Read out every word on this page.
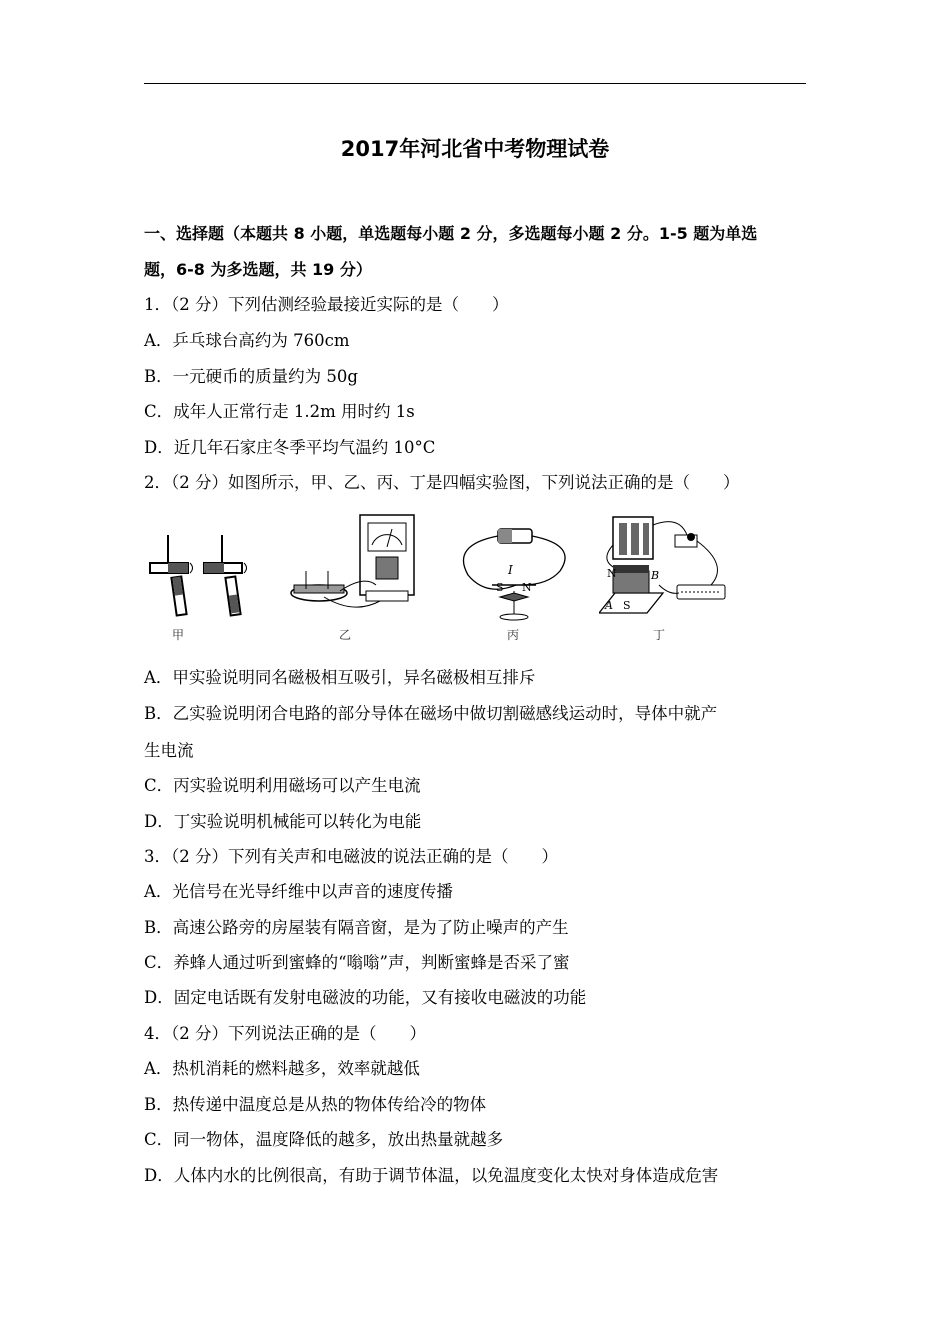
2017年河北省中考物理试卷
一、选择题（本题共 8 小题，单选题每小题 2 分，多选题每小题 2 分。1-5 题为单选
题，6-8 为多选题，共 19 分）
1．（2 分）下列估测经验最接近实际的是（　　）
A．乒乓球台高约为 760cm
B．一元硬币的质量约为 50g
C．成年人正常行走 1.2m 用时约 1s
D．近几年石家庄冬季平均气温约 10°C
2．（2 分）如图所示，甲、乙、丙、丁是四幅实验图，下列说法正确的是（　　）
甲	乙	丙
I
S N
丁
N	B
A S
A．甲实验说明同名磁极相互吸引，异名磁极相互排斥
B．乙实验说明闭合电路的部分导体在磁场中做切割磁感线运动时，导体中就产
生电流
C．丙实验说明利用磁场可以产生电流
D．丁实验说明机械能可以转化为电能
3．（2 分）下列有关声和电磁波的说法正确的是（　　）
A．光信号在光导纤维中以声音的速度传播
B．高速公路旁的房屋装有隔音窗，是为了防止噪声的产生
C．养蜂人通过听到蜜蜂的“嗡嗡”声，判断蜜蜂是否采了蜜
D．固定电话既有发射电磁波的功能，又有接收电磁波的功能
4．（2 分）下列说法正确的是（　　）
A．热机消耗的燃料越多，效率就越低
B．热传递中温度总是从热的物体传给冷的物体
C．同一物体，温度降低的越多，放出热量就越多
D．人体内水的比例很高，有助于调节体温，以免温度变化太快对身体造成危害
